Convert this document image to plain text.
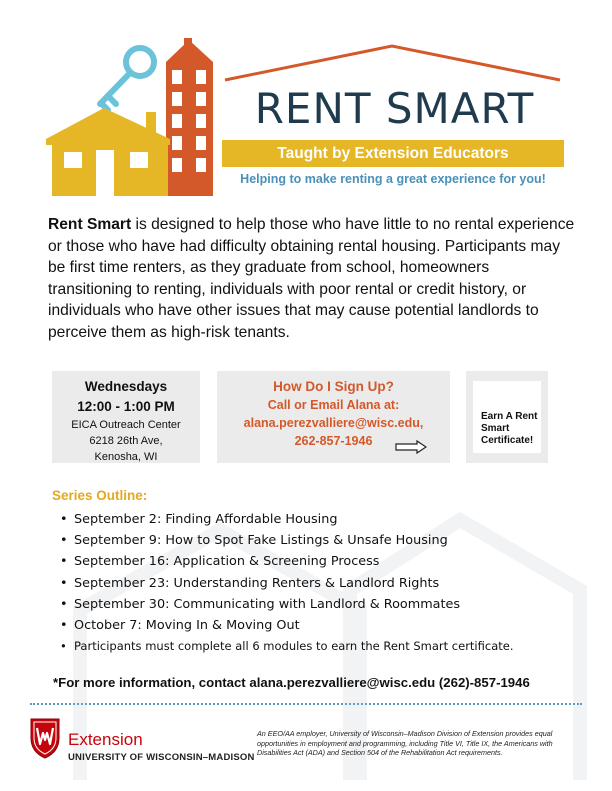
RENT SMART
Taught by Extension Educators
Helping to make renting a great experience for you!

Rent Smart is designed to help those who have little to no rental experience or those who have had difficulty obtaining rental housing. Participants may be first time renters, as they graduate from school, homeowners transitioning to renting, individuals with poor rental or credit history, or individuals who have other issues that may cause potential landlords to perceive them as high-risk tenants.

Wednesdays
12:00 - 1:00 PM
EICA Outreach Center
6218 26th Ave,
Kenosha, WI
How Do I Sign Up?
Call or Email Alana at:
alana.perezvalliere@wisc.edu,
262-857-1946
Earn A Rent
Smart
Certificate!
Series Outline:
• September 2: Finding Affordable Housing
• September 9: How to Spot Fake Listings & Unsafe Housing
• September 16: Application & Screening Process
• September 23: Understanding Renters & Landlord Rights
• September 30: Communicating with Landlord & Roommates
• October 7: Moving In & Moving Out
• Participants must complete all 6 modules to earn the Rent Smart certificate.
*For more information, contact alana.perezvalliere@wisc.edu (262)-857-1946
Extension
UNIVERSITY OF WISCONSIN–MADISON
An EEO/AA employer, University of Wisconsin–Madison Division of Extension provides equal opportunities in employment and programming, including Title VI, Title IX, the Americans with Disabilities Act (ADA) and Section 504 of the Rehabilitation Act requirements.
